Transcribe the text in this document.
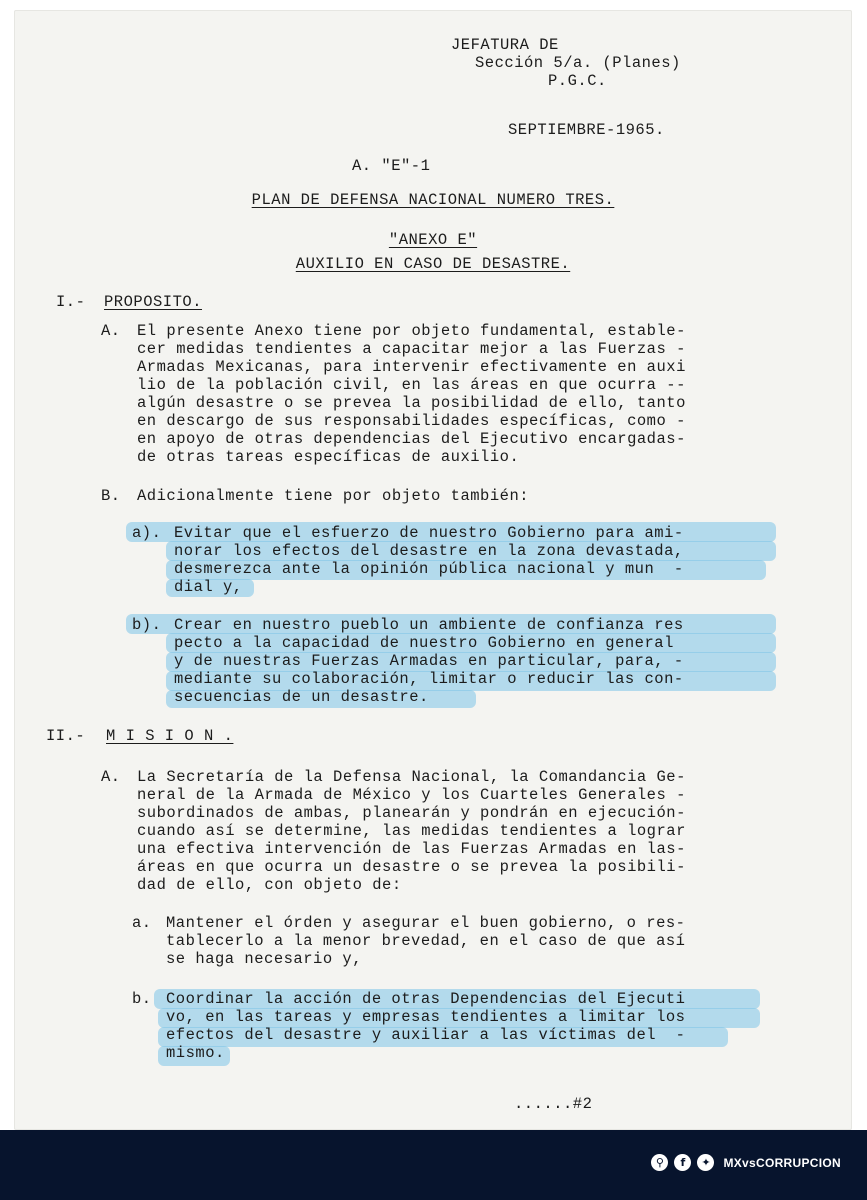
JEFATURA DE
Sección 5/a. (Planes)
P.G.C.
SEPTIEMBRE-1965.
A. "E"-1
PLAN DE DEFENSA NACIONAL NUMERO TRES.
"ANEXO E"
AUXILIO EN CASO DE DESASTRE.
I.- PROPOSITO.
A. El presente Anexo tiene por objeto fundamental, estable-
cer medidas tendientes a capacitar mejor a las Fuerzas -
Armadas Mexicanas, para intervenir efectivamente en auxi
lio de la población civil, en las áreas en que ocurra --
algún desastre o se prevea la posibilidad de ello, tanto
en descargo de sus responsabilidades específicas, como -
en apoyo de otras dependencias del Ejecutivo encargadas-
de otras tareas específicas de auxilio.
B. Adicionalmente tiene por objeto también:
a). Evitar que el esfuerzo de nuestro Gobierno para ami-
norar los efectos del desastre en la zona devastada,
desmerezca ante la opinión pública nacional y mun  -
dial y,
b). Crear en nuestro pueblo un ambiente de confianza res
pecto a la capacidad de nuestro Gobierno en general
y de nuestras Fuerzas Armadas en particular, para, -
mediante su colaboración, limitar o reducir las con-
secuencias de un desastre.
II.- M I S I O N .
A. La Secretaría de la Defensa Nacional, la Comandancia Ge-
neral de la Armada de México y los Cuarteles Generales -
subordinados de ambas, planearán y pondrán en ejecución-
cuando así se determine, las medidas tendientes a lograr
una efectiva intervención de las Fuerzas Armadas en las-
áreas en que ocurra un desastre o se prevea la posibili-
dad de ello, con objeto de:
a. Mantener el órden y asegurar el buen gobierno, o res-
tablecerlo a la menor brevedad, en el caso de que así
se haga necesario y,
b. Coordinar la acción de otras Dependencias del Ejecuti
vo, en las tareas y empresas tendientes a limitar los
efectos del desastre y auxiliar a las víctimas del  -
mismo.
......#2
⚲	f	✦	MXvsCORRUPCION
